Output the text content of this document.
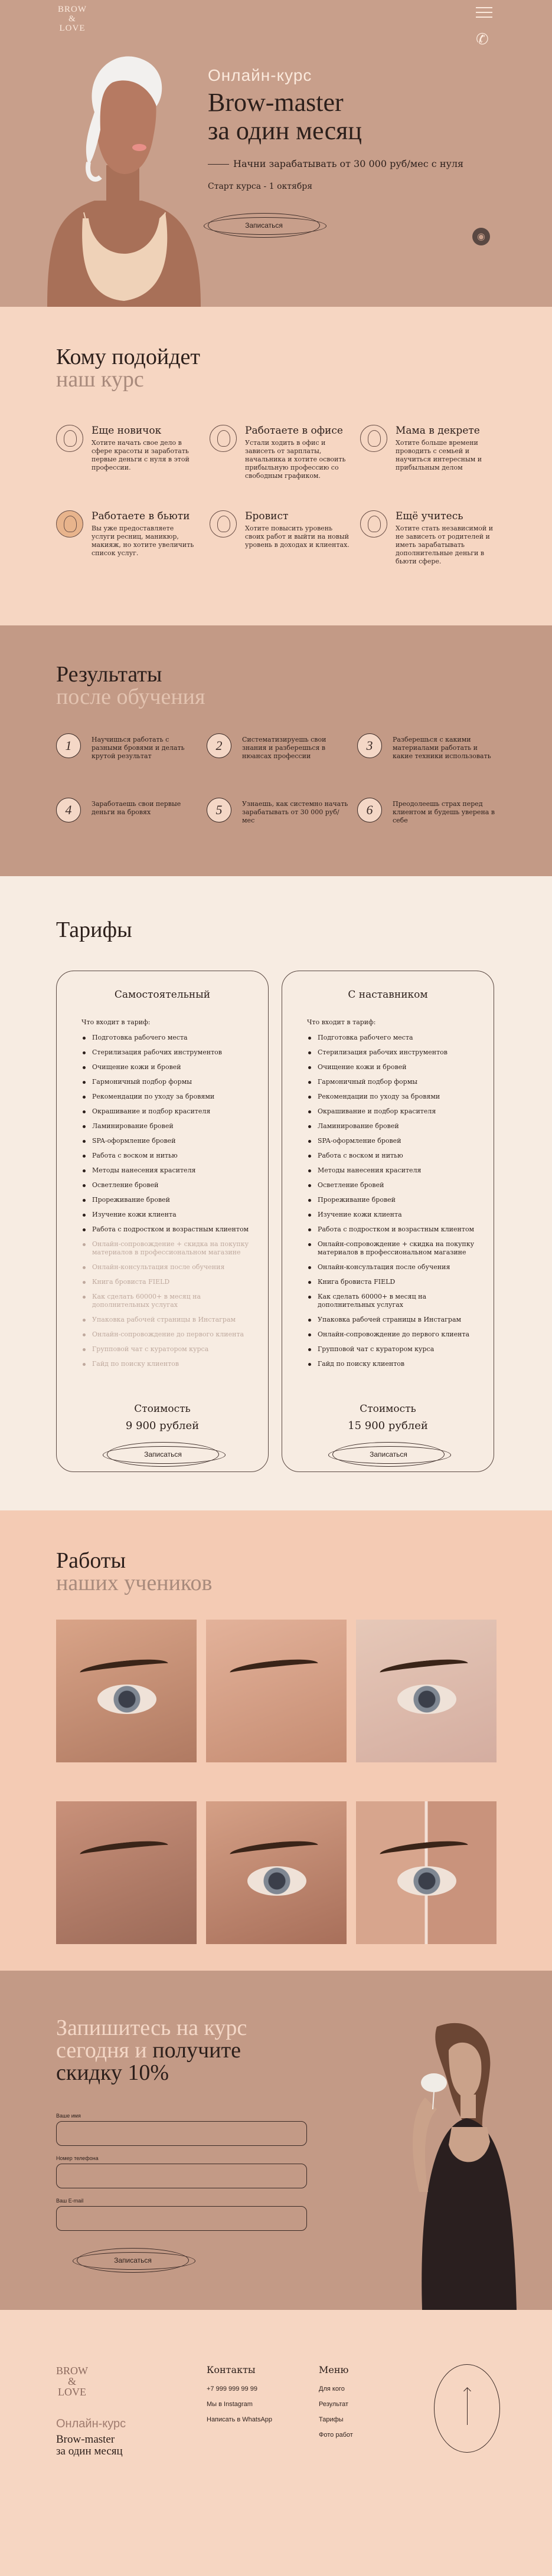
BROW
&
LOVE
✆
◉
Онлайн-курс
Brow-master
за один месяц
Начни зарабатывать от 30 000 руб/мес с нуля
Старт курса - 1 октября
Записаться
Кому подойдет
наш курс
Еще новичок
Хотите начать свое дело в сфере красоты и заработать первые деньги с нуля в этой профессии.
Работаете в офисе
Устали ходить в офис и зависеть от зарплаты, начальника и хотите освоить прибыльную профессию со свободным графиком.
Мама в декрете
Хотите больше времени проводить с семьей и научиться интересным и прибыльным делом
Работаете в бьюти
Вы уже предоставляете услуги ресниц, маникюр, макияж, но хотите увеличить список услуг.
Бровист
Хотите повысить уровень своих работ и выйти на новый уровень в доходах и клиентах.
Ещё учитесь
Хотите стать независимой и не зависеть от родителей и иметь зарабатывать дополнительные деньги в бьюти сфере.
Результаты
после обучения
1	Научишься работать с разными бровями и делать крутой результат
2	Систематизируешь свои знания и разберешься в нюансах профессии
3	Разберешься с какими материалами работать и какие техники использовать
4	Заработаешь свои первые деньги на бровях	5	Узнаешь, как системно начать зарабатывать от 30 000 руб/мес
6	Преодолеешь страх перед клиентом и будешь уверена в себе
Тарифы
Самостоятельный
Что входит в тариф:
Подготовка рабочего места
Стерилизация рабочих инструментов
Очищение кожи и бровей
Гармоничный подбор формы
Рекомендации по уходу за бровями
Окрашивание и подбор красителя
Ламинирование бровей
SPA-оформление бровей
Работа с воском и нитью
Методы нанесения красителя
Осветление бровей
Прореживание бровей
Изучение кожи клиента
Работа с подростком и возрастным клиентом
Онлайн-сопровождение + скидка на покупку материалов в профессиональном магазине
Онлайн-консультация после обучения
Книга бровиста FIELD
Как сделать 60000+ в месяц на дополнительных услугах
Упаковка рабочей страницы в Инстаграм
Онлайн-сопровождение до первого клиента
Групповой чат с куратором курса
Гайд по поиску клиентов
Стоимость
9 900 рублей
Записаться
С наставником
Что входит в тариф:
Подготовка рабочего места
Стерилизация рабочих инструментов
Очищение кожи и бровей
Гармоничный подбор формы
Рекомендации по уходу за бровями
Окрашивание и подбор красителя
Ламинирование бровей
SPA-оформление бровей
Работа с воском и нитью
Методы нанесения красителя
Осветление бровей
Прореживание бровей
Изучение кожи клиента
Работа с подростком и возрастным клиентом
Онлайн-сопровождение + скидка на покупку материалов в профессиональном магазине
Онлайн-консультация после обучения
Книга бровиста FIELD
Как сделать 60000+ в месяц на дополнительных услугах
Упаковка рабочей страницы в Инстаграм
Онлайн-сопровождение до первого клиента
Групповой чат с куратором курса
Гайд по поиску клиентов
Стоимость
15 900 рублей
Записаться
Работы
наших учеников
Запишитесь на курс
сегодня и получите
скидку 10%
Ваше имя
Номер телефона
Ваш E-mail
Записаться
BROW
&
LOVE
Онлайн-курс
Brow-master
за один месяц
Контакты
+7 999 999 99 99
Мы в Instagram
Написать в WhatsApp
Меню
Для кого
Результат
Тарифы
Фото работ
